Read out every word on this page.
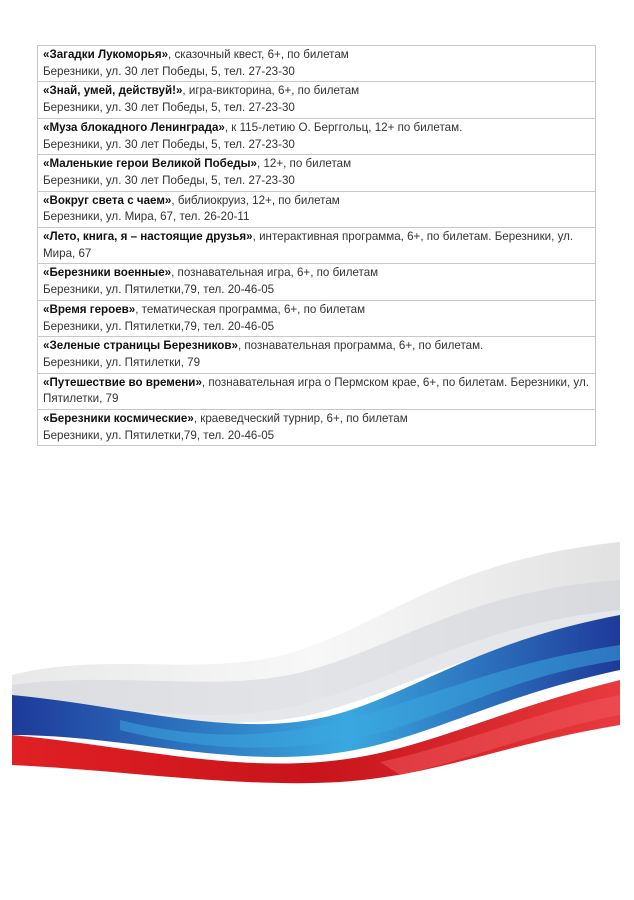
«Загадки Лукоморья», сказочный квест, 6+, по билетам
Березники, ул. 30 лет Победы, 5, тел. 27-23-30
«Знай, умей, действуй!», игра-викторина, 6+, по билетам
Березники, ул. 30 лет Победы, 5, тел. 27-23-30
«Муза блокадного Ленинграда», к 115-летию О. Берггольц, 12+ по билетам.
Березники, ул. 30 лет Победы, 5, тел. 27-23-30
«Маленькие герои Великой Победы», 12+, по билетам
Березники, ул. 30 лет Победы, 5, тел. 27-23-30
«Вокруг света с чаем», библиокруиз, 12+, по билетам
Березники, ул. Мира, 67, тел. 26-20-11
«Лето, книга, я – настоящие друзья», интерактивная программа, 6+, по билетам. Березники, ул. Мира, 67
«Березники военные», познавательная игра, 6+, по билетам
Березники, ул. Пятилетки,79, тел. 20-46-05
«Время героев», тематическая программа, 6+, по билетам
Березники, ул. Пятилетки,79, тел. 20-46-05
«Зеленые страницы Березников», познавательная программа, 6+, по билетам.
Березники, ул. Пятилетки, 79
«Путешествие во времени», познавательная игра о Пермском крае, 6+, по билетам. Березники, ул. Пятилетки, 79
«Березники космические», краеведческий турнир, 6+, по билетам
Березники, ул. Пятилетки,79, тел. 20-46-05
